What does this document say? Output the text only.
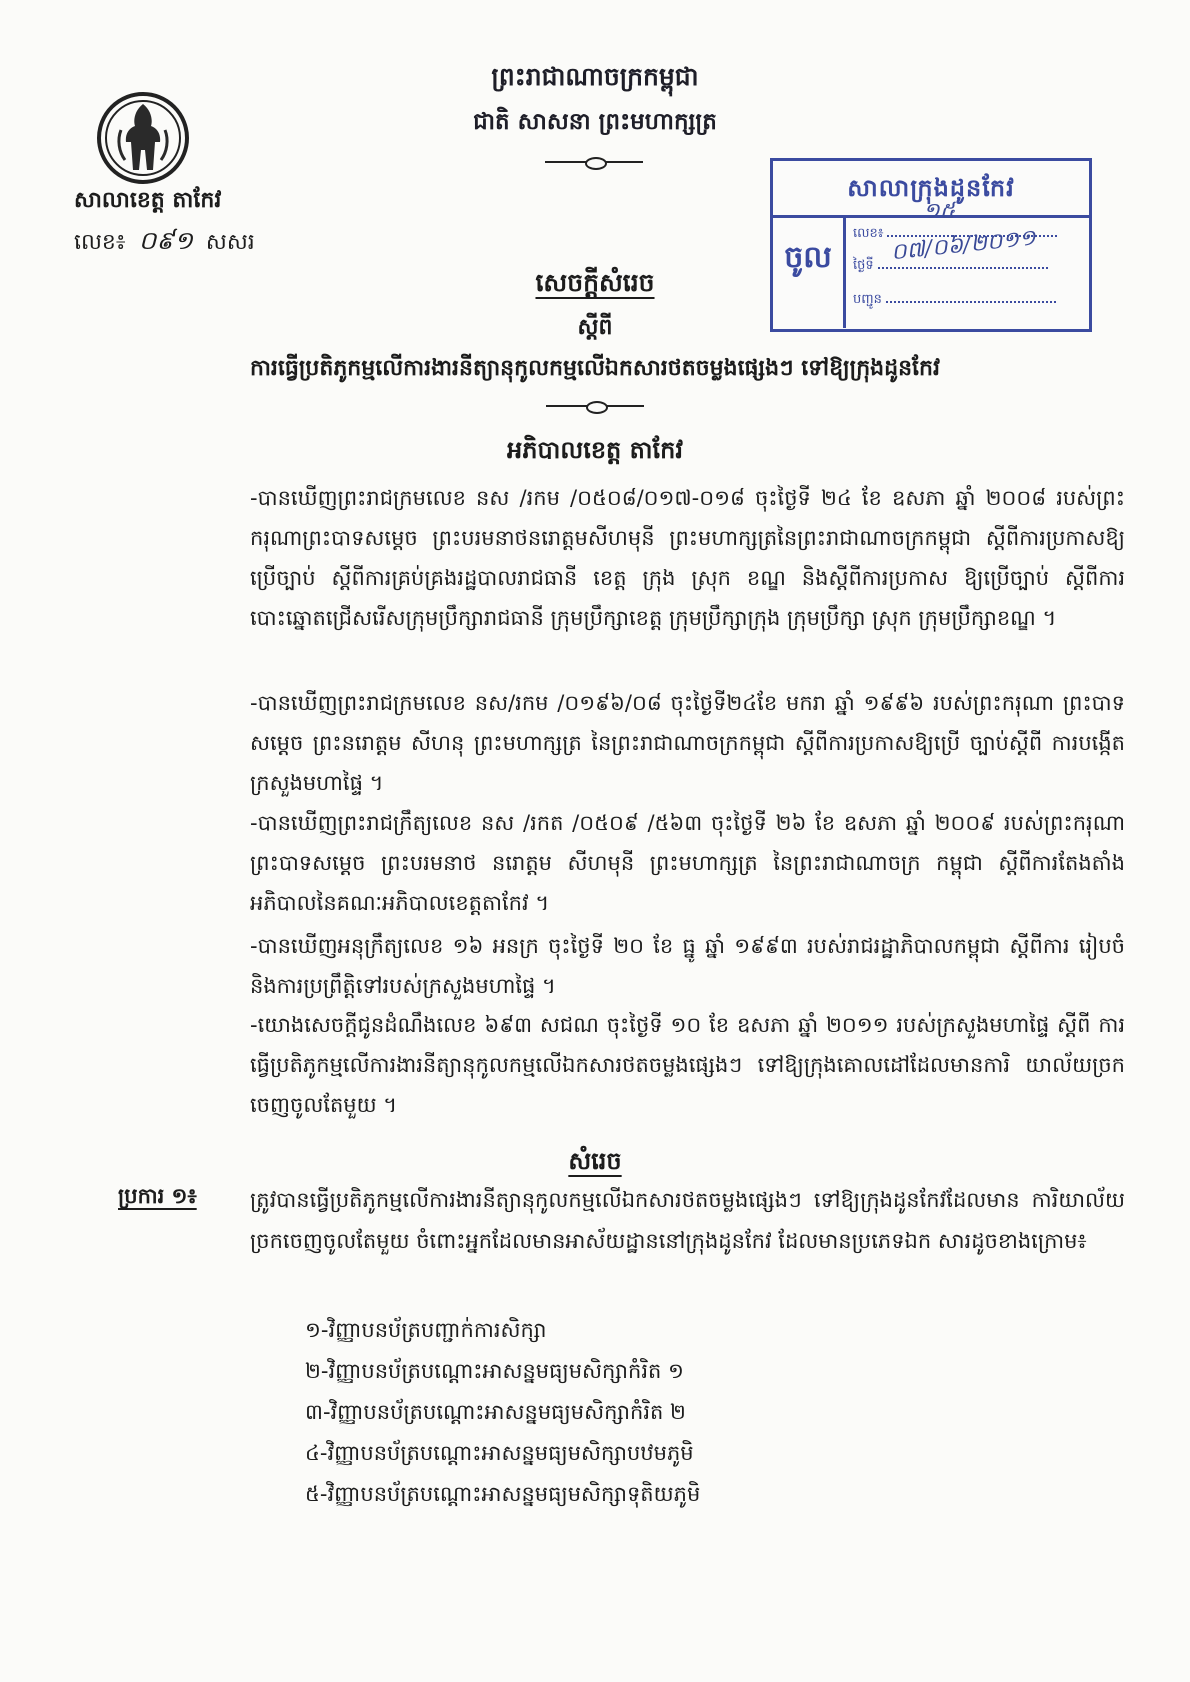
ព្រះរាជាណាចក្រកម្ពុជា
ជាតិ សាសនា ព្រះមហាក្សត្រ
សាលាខេត្ត តាកែវ
លេខ៖ ០៩១ សសរ
សាលាក្រុងដូនកែវ
ចូល
លេខ៖
ថ្ងៃទី
បញ្ជូន
១៥
០៧/០៦/២០១១
សេចក្តីសំរេច
ស្តីពី
ការធ្វើប្រតិភូកម្មលើការងារនីត្យានុកូលកម្មលើឯកសារថតចម្លងផ្សេងៗ ទៅឱ្យក្រុងដូនកែវ
អភិបាលខេត្ត តាកែវ

-បានឃើញព្រះរាជក្រមលេខ នស /រកម /០៥០៨/០១៧-០១៨ ចុះថ្ងៃទី ២៤ ខែ ឧសភា ឆ្នាំ ២០០៨ របស់ព្រះ ករុណាព្រះបាទសម្តេច ព្រះបរមនាថនរោត្តមសីហមុនី ព្រះមហាក្សត្រនៃព្រះរាជាណាចក្រកម្ពុជា ស្តីពីការប្រកាសឱ្យប្រើច្បាប់ ស្តីពីការគ្រប់គ្រងរដ្ឋបាលរាជធានី ខេត្ត ក្រុង ស្រុក ខណ្ឌ និងស្តីពីការប្រកាស ឱ្យប្រើច្បាប់ ស្តីពីការបោះឆ្នោតជ្រើសរើសក្រុមប្រឹក្សារាជធានី ក្រុមប្រឹក្សាខេត្ត ក្រុមប្រឹក្សាក្រុង ក្រុមប្រឹក្សា ស្រុក ក្រុមប្រឹក្សាខណ្ឌ ។

-បានឃើញព្រះរាជក្រមលេខ នស/រកម /០១៩៦/០៨ ចុះថ្ងៃទី២៤ខែ មករា ឆ្នាំ ១៩៩៦ របស់ព្រះករុណា ព្រះបាទសម្តេច ព្រះនរោត្តម សីហនុ ព្រះមហាក្សត្រ នៃព្រះរាជាណាចក្រកម្ពុជា ស្តីពីការប្រកាសឱ្យប្រើ ច្បាប់ស្តីពី ការបង្កើតក្រសួងមហាផ្ទៃ ។

-បានឃើញព្រះរាជក្រឹត្យលេខ នស /រកត /០៥០៩ /៥៦៣ ចុះថ្ងៃទី ២៦ ខែ ឧសភា ឆ្នាំ ២០០៩ របស់ព្រះករុណា ព្រះបាទសម្តេច ព្រះបរមនាថ នរោត្តម សីហមុនី ព្រះមហាក្សត្រ នៃព្រះរាជាណាចក្រ កម្ពុជា ស្តីពីការតែងតាំង អភិបាលនៃគណៈអភិបាលខេត្តតាកែវ ។

-បានឃើញអនុក្រឹត្យលេខ ១៦ អនក្រ ចុះថ្ងៃទី ២០ ខែ ធ្នូ ឆ្នាំ ១៩៩៣ របស់រាជរដ្ឋាភិបាលកម្ពុជា ស្តីពីការ រៀបចំ និងការប្រព្រឹត្តិទៅរបស់ក្រសួងមហាផ្ទៃ ។

-យោងសេចក្តីជូនដំណឹងលេខ ៦៩៣ សជណ ចុះថ្ងៃទី ១០ ខែ ឧសភា ឆ្នាំ ២០១១ របស់ក្រសួងមហាផ្ទៃ ស្តីពី ការធ្វើប្រតិភូកម្មលើការងារនីត្យានុកូលកម្មលើឯកសារថតចម្លងផ្សេងៗ ទៅឱ្យក្រុងគោលដៅដែលមានការិ យាល័យច្រកចេញចូលតែមួយ ។

សំរេច
ប្រការ ១៖	ត្រូវបានធ្វើប្រតិភូកម្មលើការងារនីត្យានុកូលកម្មលើឯកសារថតចម្លងផ្សេងៗ ទៅឱ្យក្រុងដូនកែវដែលមាន ការិយាល័យច្រកចេញចូលតែមួយ ចំពោះអ្នកដែលមានអាស័យដ្ឋាននៅក្រុងដូនកែវ ដែលមានប្រភេទឯក សារដូចខាងក្រោម៖

១-វិញ្ញាបនប័ត្របញ្ជាក់ការសិក្សា
២-វិញ្ញាបនប័ត្របណ្តោះអាសន្នមធ្យមសិក្សាកំរិត ១
៣-វិញ្ញាបនប័ត្របណ្តោះអាសន្នមធ្យមសិក្សាកំរិត ២
៤-វិញ្ញាបនប័ត្របណ្តោះអាសន្នមធ្យមសិក្សាបឋមភូមិ
៥-វិញ្ញាបនប័ត្របណ្តោះអាសន្នមធ្យមសិក្សាទុតិយភូមិ
